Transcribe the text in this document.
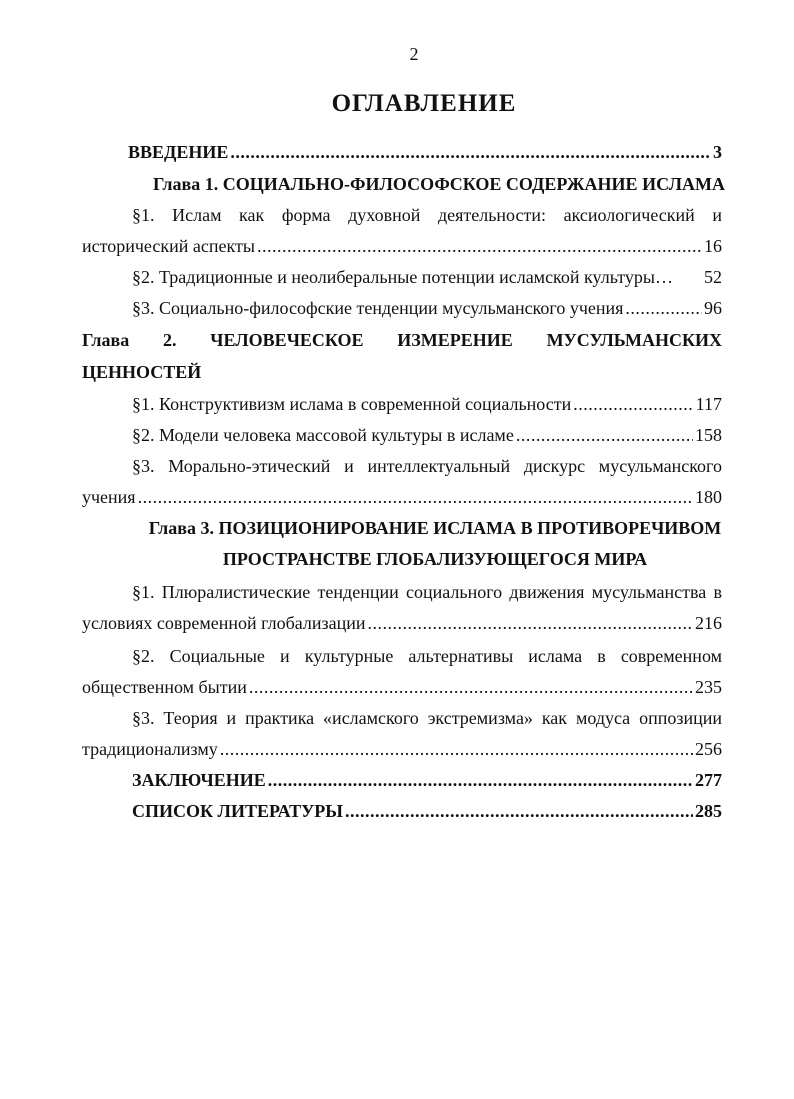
2
ОГЛАВЛЕНИЕ
ВВЕДЕНИЕ .....	3
Глава 1. СОЦИАЛЬНО-ФИЛОСОФСКОЕ СОДЕРЖАНИЕ ИСЛАМА
§1. Ислам как форма духовной деятельности: аксиологический и
исторический аспекты .....	16
§2. Традиционные и неолиберальные потенции исламской культуры… 52
§3. Социально-философские тенденции мусульманского учения .....	96
Глава 2. ЧЕЛОВЕЧЕСКОЕ ИЗМЕРЕНИЕ МУСУЛЬМАНСКИХ
ЦЕННОСТЕЙ
§1. Конструктивизм ислама в современной социальности .....	117
§2. Модели человека массовой культуры в исламе .....	158
§3. Морально-этический и интеллектуальный дискурс мусульманского
учения .....	180
Глава 3. ПОЗИЦИОНИРОВАНИЕ ИСЛАМА В ПРОТИВОРЕЧИВОМ
ПРОСТРАНСТВЕ ГЛОБАЛИЗУЮЩЕГОСЯ МИРА
§1. Плюралистические тенденции социального движения мусульманства в
условиях современной глобализации .....	216
§2. Социальные и культурные альтернативы ислама в современном
общественном бытии .....	235
§3. Теория и практика «исламского экстремизма» как модуса оппозиции
традиционализму .....	256
ЗАКЛЮЧЕНИЕ .....	277
СПИСОК ЛИТЕРАТУРЫ .....	285
